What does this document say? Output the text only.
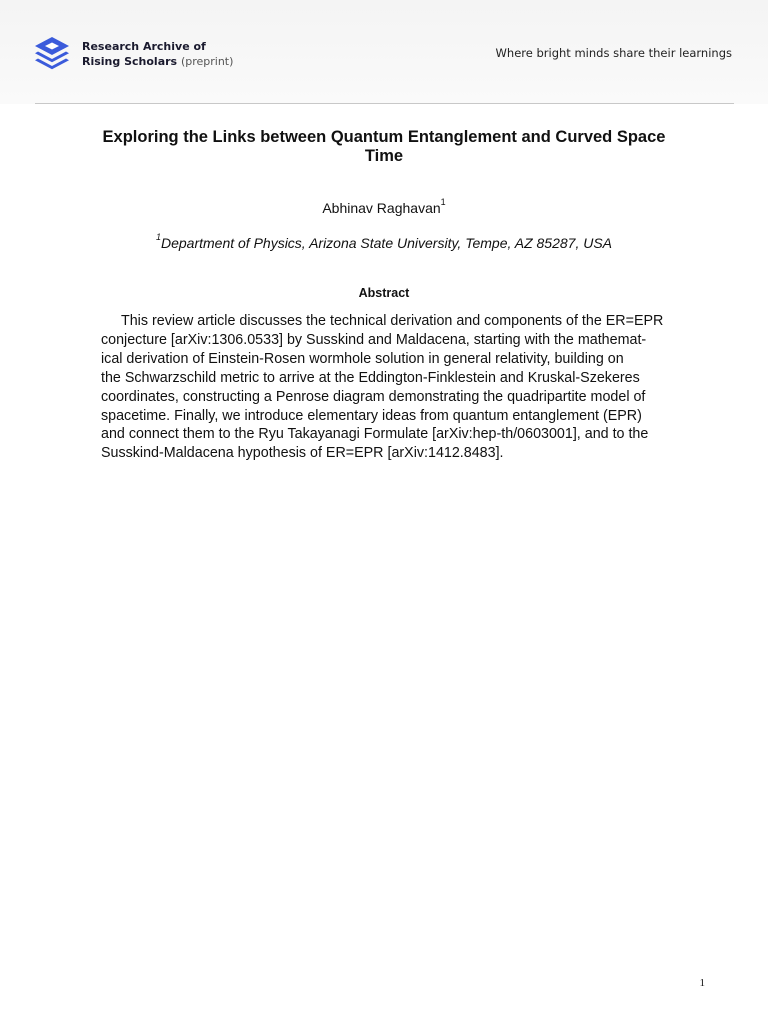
Research Archive of
Rising Scholars (preprint)
Where bright minds share their learnings
Exploring the Links between Quantum Entanglement and Curved Space
Time
Abhinav Raghavan$^1$
$^1$Department of Physics, Arizona State University, Tempe, AZ 85287, USA
Abstract
This review article discusses the technical derivation and components of the ER=EPR
conjecture [arXiv:1306.0533] by Susskind and Maldacena, starting with the mathemat-
ical derivation of Einstein-Rosen wormhole solution in general relativity, building on
the Schwarzschild metric to arrive at the Eddington-Finklestein and Kruskal-Szekeres
coordinates, constructing a Penrose diagram demonstrating the quadripartite model of
spacetime. Finally, we introduce elementary ideas from quantum entanglement (EPR)
and connect them to the Ryu Takayanagi Formulate [arXiv:hep-th/0603001], and to the
Susskind-Maldacena hypothesis of ER=EPR [arXiv:1412.8483].
1
